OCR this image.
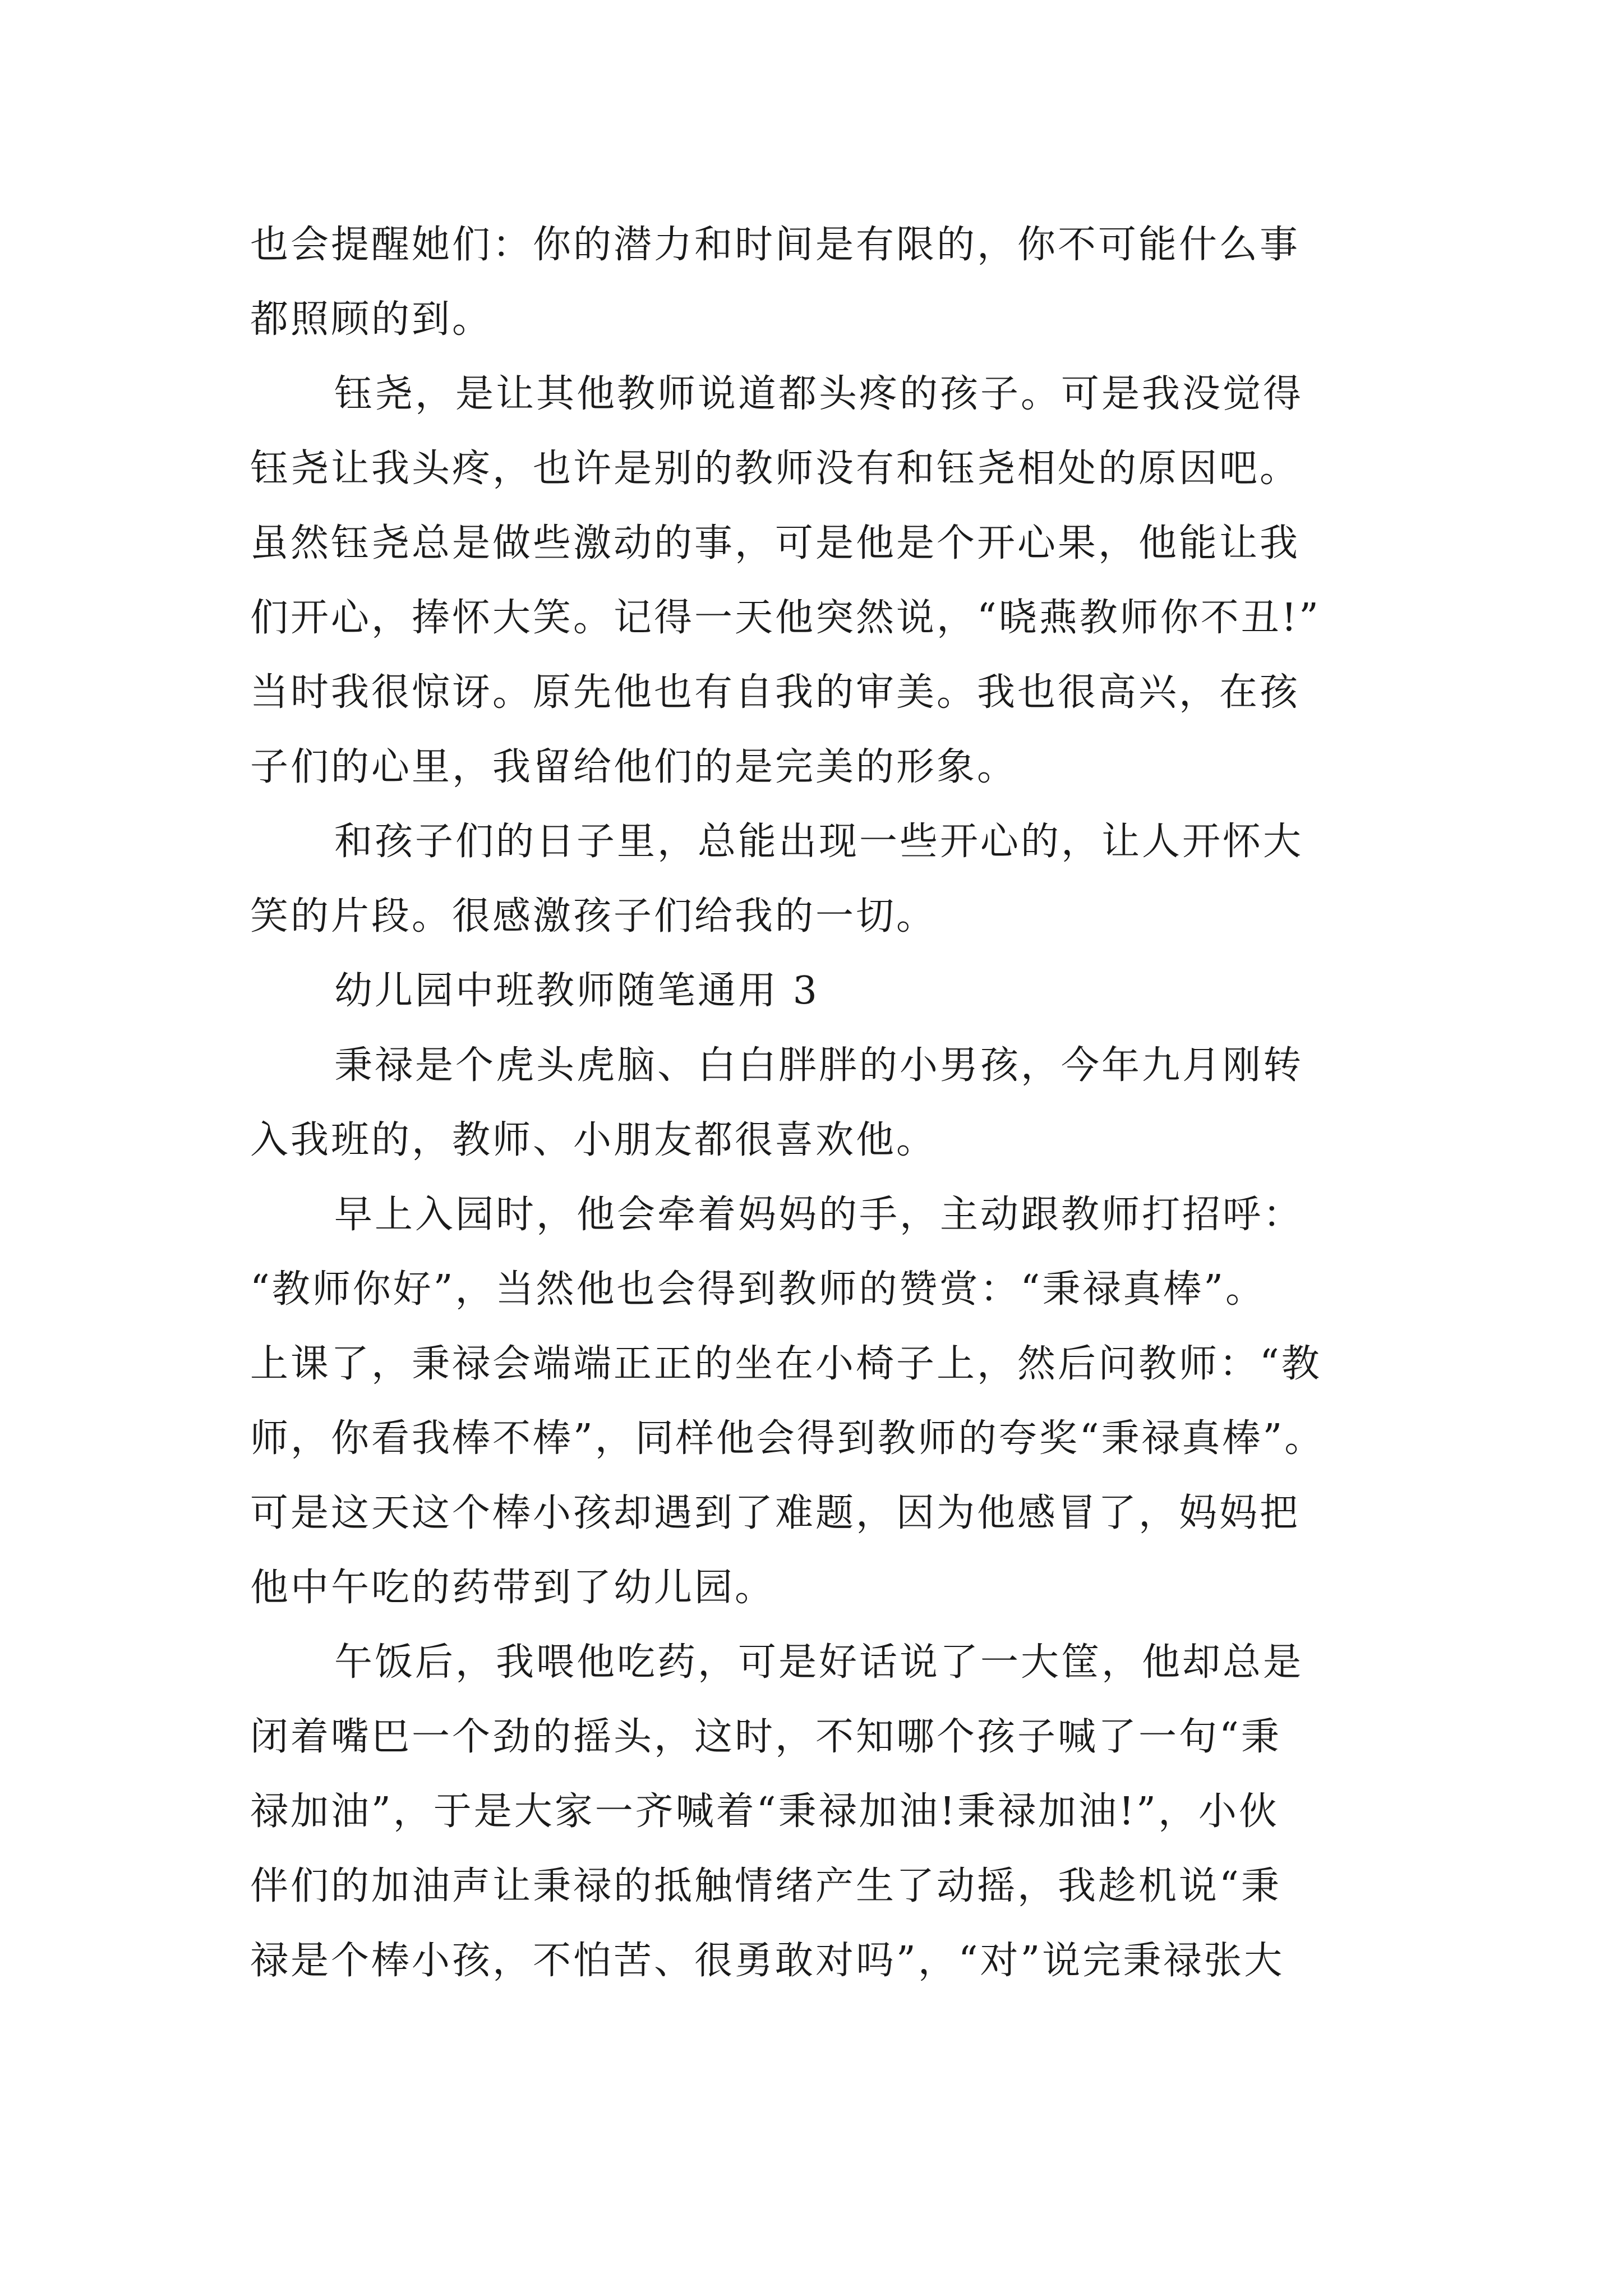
也会提醒她们：你的潜力和时间是有限的，你不可能什么事
都照顾的到。
钰尧，是让其他教师说道都头疼的孩子。可是我没觉得
钰尧让我头疼，也许是别的教师没有和钰尧相处的原因吧。
虽然钰尧总是做些激动的事，可是他是个开心果，他能让我
们开心，捧怀大笑。记得一天他突然说，“晓燕教师你不丑!”
当时我很惊讶。原先他也有自我的审美。我也很高兴，在孩
子们的心里，我留给他们的是完美的形象。
和孩子们的日子里，总能出现一些开心的，让人开怀大
笑的片段。很感激孩子们给我的一切。
幼儿园中班教师随笔通用 3
秉禄是个虎头虎脑、白白胖胖的小男孩，今年九月刚转
入我班的，教师、小朋友都很喜欢他。
早上入园时，他会牵着妈妈的手，主动跟教师打招呼：
“教师你好”，当然他也会得到教师的赞赏：“秉禄真棒”。
上课了，秉禄会端端正正的坐在小椅子上，然后问教师：“教
师，你看我棒不棒”，同样他会得到教师的夸奖“秉禄真棒”。
可是这天这个棒小孩却遇到了难题，因为他感冒了，妈妈把
他中午吃的药带到了幼儿园。
午饭后，我喂他吃药，可是好话说了一大筐，他却总是
闭着嘴巴一个劲的摇头，这时，不知哪个孩子喊了一句“秉
禄加油”，于是大家一齐喊着“秉禄加油!秉禄加油!”，小伙
伴们的加油声让秉禄的抵触情绪产生了动摇，我趁机说“秉
禄是个棒小孩，不怕苦、很勇敢对吗”，“对”说完秉禄张大
